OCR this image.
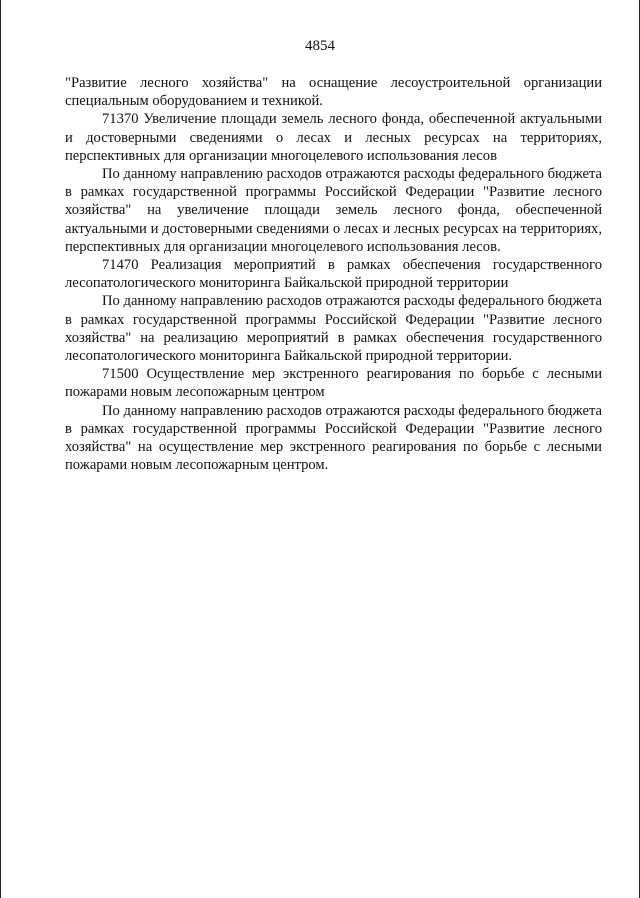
4854

"Развитие лесного хозяйства" на оснащение лесоустроительной организации специальным оборудованием и техникой.

71370 Увеличение площади земель лесного фонда, обеспеченной актуальными и достоверными сведениями о лесах и лесных ресурсах на территориях, перспективных для организации многоцелевого использования лесов

По данному направлению расходов отражаются расходы федерального бюджета в рамках государственной программы Российской Федерации "Развитие лесного хозяйства" на увеличение площади земель лесного фонда, обеспеченной актуальными и достоверными сведениями о лесах и лесных ресурсах на территориях, перспективных для организации многоцелевого использования лесов.

71470 Реализация мероприятий в рамках обеспечения государственного лесопатологического мониторинга Байкальской природной территории

По данному направлению расходов отражаются расходы федерального бюджета в рамках государственной программы Российской Федерации "Развитие лесного хозяйства" на реализацию мероприятий в рамках обеспечения государственного лесопатологического мониторинга Байкальской природной территории.

71500 Осуществление мер экстренного реагирования по борьбе с лесными пожарами новым лесопожарным центром

По данному направлению расходов отражаются расходы федерального бюджета в рамках государственной программы Российской Федерации "Развитие лесного хозяйства" на осуществление мер экстренного реагирования по борьбе с лесными пожарами новым лесопожарным центром.
